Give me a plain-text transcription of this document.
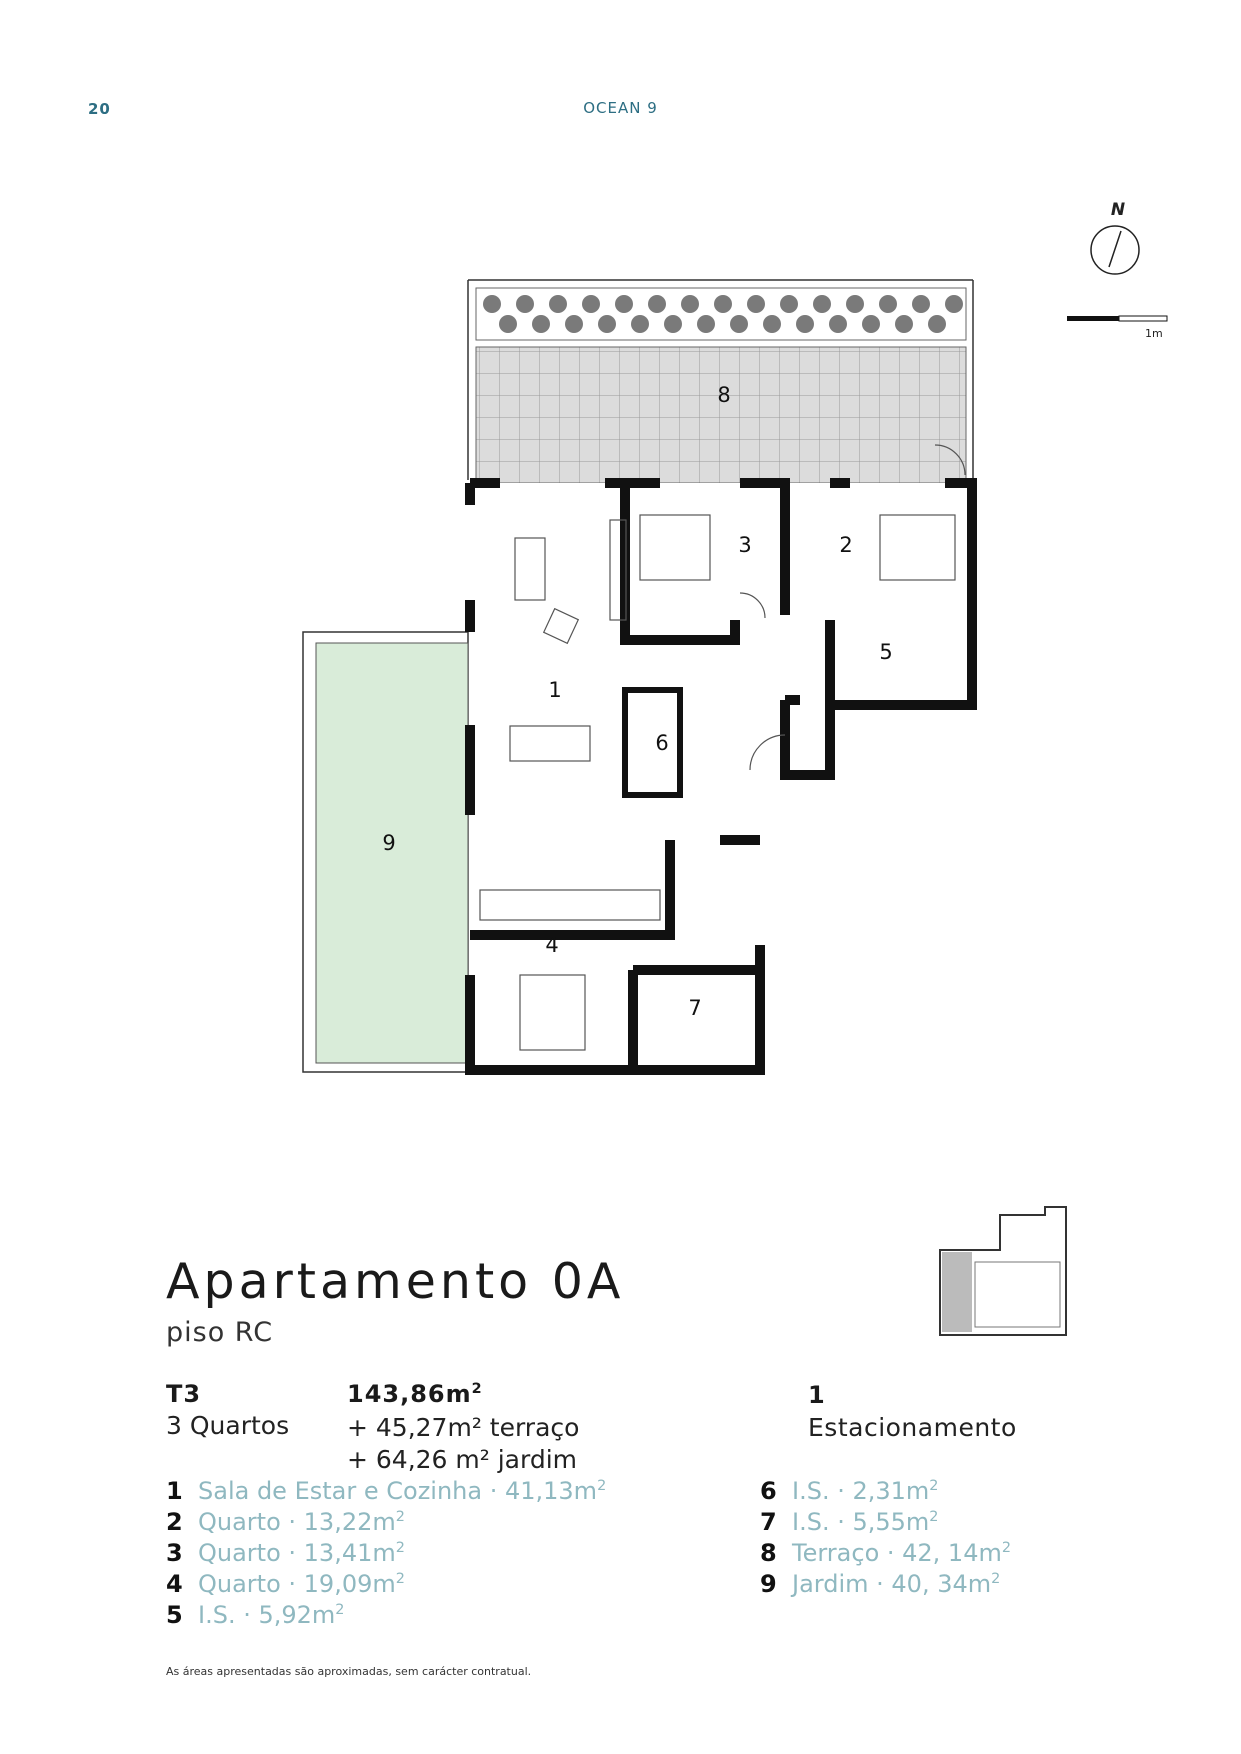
20	OCEAN 9
N
1m
1
2
3
4
5
6
7
8
9
Apartamento 0A
piso RC
T3
3 Quartos
$143,86m^2$
+ 45,27m² terraço
+ 64,26 m² jardim
1
Estacionamento
1 Sala de Estar e Cozinha · $41,13m^2$
2 Quarto · $13,22m^2$
3 Quarto · $13,41m^2$
4 Quarto · $19,09m^2$
5 I.S. · $5,92m^2$
6 I.S. · $2,31m^2$
7 I.S. · $5,55m^2$
8 Terraço · 42, $14m^2$
9 Jardim · 40, $34m^2$
As áreas apresentadas são aproximadas, sem carácter contratual.
